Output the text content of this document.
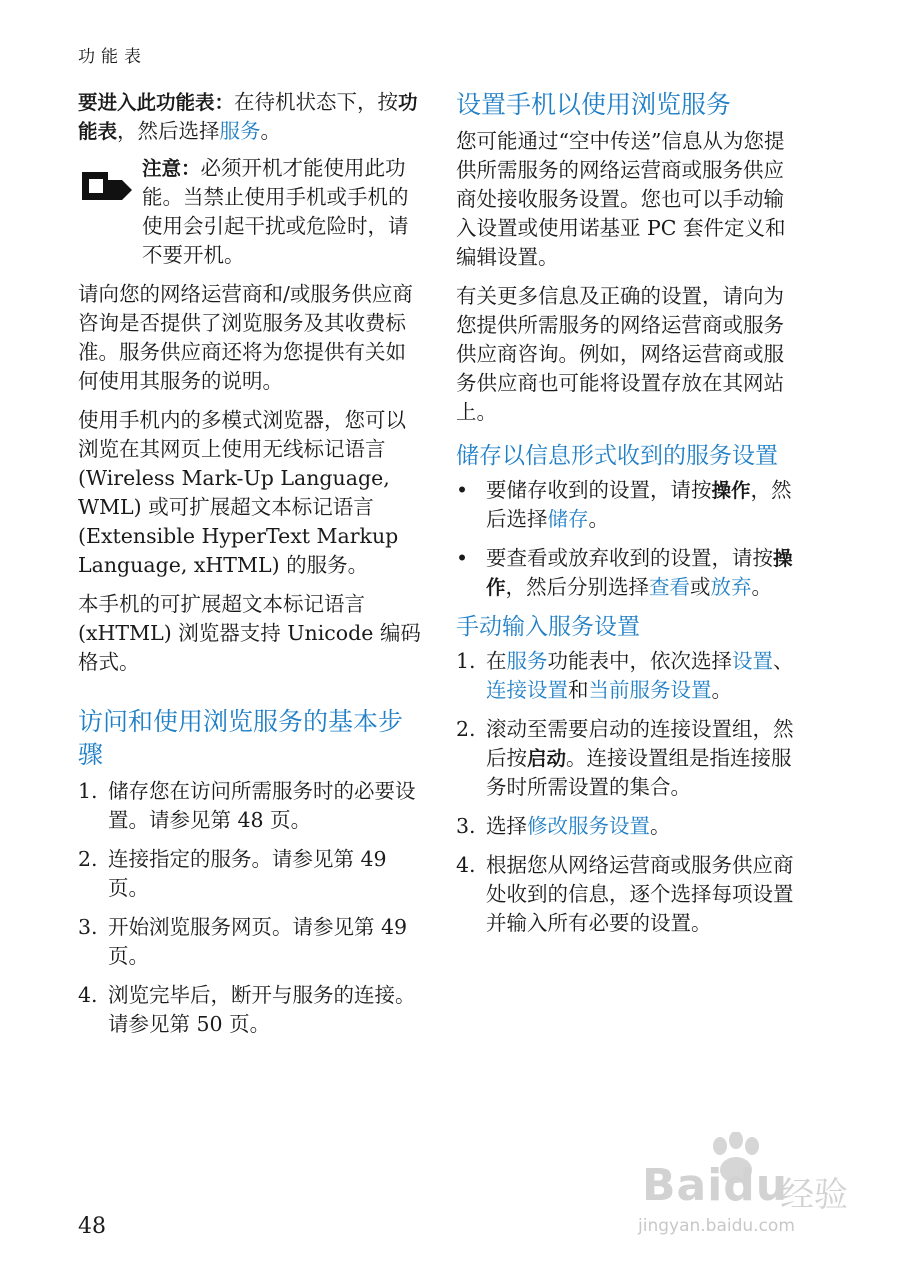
功能表

要进入此功能表：在待机状态下，按功能表，然后选择服务。

注意：必须开机才能使用此功能。当禁止使用手机或手机的使用会引起干扰或危险时，请不要开机。

请向您的网络运营商和/或服务供应商咨询是否提供了浏览服务及其收费标准。服务供应商还将为您提供有关如何使用其服务的说明。

使用手机内的多模式浏览器，您可以浏览在其网页上使用无线标记语言 (Wireless Mark-Up Language, WML) 或可扩展超文本标记语言 (Extensible HyperText Markup Language, xHTML) 的服务。

本手机的可扩展超文本标记语言 (xHTML) 浏览器支持 Unicode 编码格式。

访问和使用浏览服务的基本步骤
1. 储存您在访问所需服务时的必要设置。请参见第 48 页。
2. 连接指定的服务。请参见第 49 页。
3. 开始浏览服务网页。请参见第 49 页。
4. 浏览完毕后，断开与服务的连接。请参见第 50 页。
设置手机以使用浏览服务

您可能通过“空中传送”信息从为您提供所需服务的网络运营商或服务供应商处接收服务设置。您也可以手动输入设置或使用诺基亚 PC 套件定义和编辑设置。

有关更多信息及正确的设置，请向为您提供所需服务的网络运营商或服务供应商咨询。例如，网络运营商或服务供应商也可能将设置存放在其网站上。

储存以信息形式收到的服务设置
• 要储存收到的设置，请按操作，然后选择储存。
• 要查看或放弃收到的设置，请按操作，然后分别选择查看或放弃。
手动输入服务设置
1. 在服务功能表中，依次选择设置、连接设置和当前服务设置。
2. 滚动至需要启动的连接设置组，然后按启动。连接设置组是指连接服务时所需设置的集合。
3. 选择修改服务设置。
4. 根据您从网络运营商或服务供应商处收到的信息，逐个选择每项设置并输入所有必要的设置。
48
Baidu
经验
jingyan.baidu.com
